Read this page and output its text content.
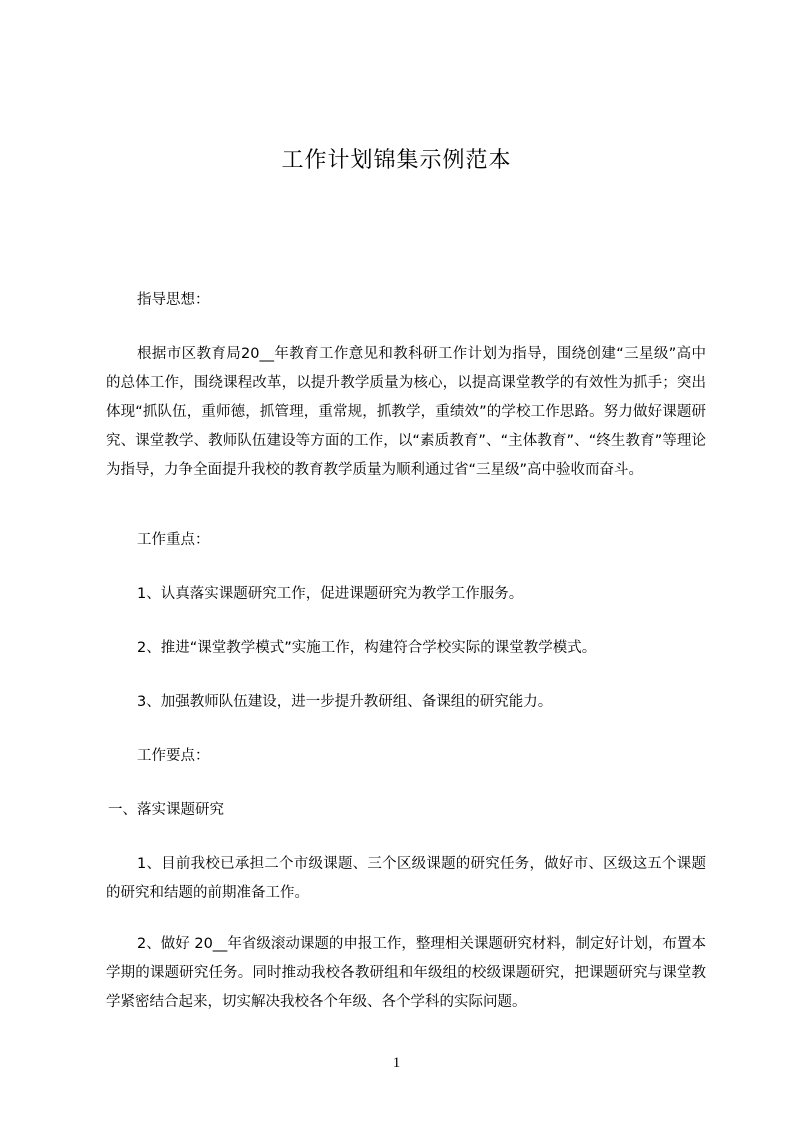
工作计划锦集示例范本

指导思想：

根据市区教育局20__年教育工作意见和教科研工作计划为指导，围绕创建“三星级”高中的总体工作，围绕课程改革，以提升教学质量为核心，以提高课堂教学的有效性为抓手；突出体现“抓队伍，重师德，抓管理，重常规，抓教学，重绩效”的学校工作思路。努力做好课题研究、课堂教学、教师队伍建设等方面的工作，以“素质教育”、“主体教育”、“终生教育”等理论为指导，力争全面提升我校的教育教学质量为顺利通过省“三星级”高中验收而奋斗。

工作重点：

1、认真落实课题研究工作，促进课题研究为教学工作服务。

2、推进“课堂教学模式”实施工作，构建符合学校实际的课堂教学模式。

3、加强教师队伍建设，进一步提升教研组、备课组的研究能力。

工作要点：

一、落实课题研究

1、目前我校已承担二个市级课题、三个区级课题的研究任务，做好市、区级这五个课题的研究和结题的前期准备工作。

2、做好 20__年省级滚动课题的申报工作，整理相关课题研究材料，制定好计划，布置本学期的课题研究任务。同时推动我校各教研组和年级组的校级课题研究，把课题研究与课堂教学紧密结合起来，切实解决我校各个年级、各个学科的实际问题。

1
